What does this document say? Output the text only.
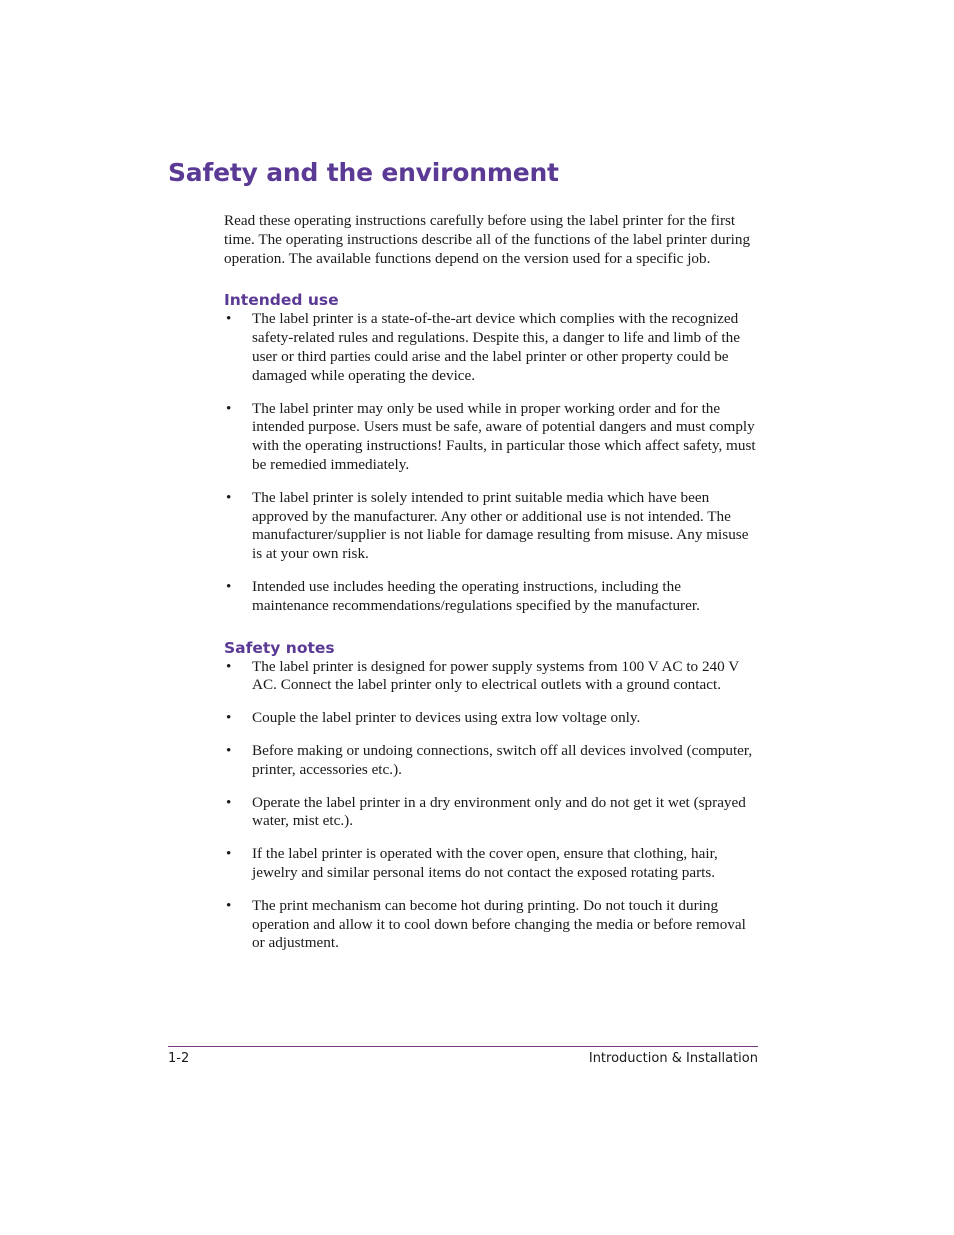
Safety and the environment

Read these operating instructions carefully before using the label printer for the first time. The operating instructions describe all of the functions of the label printer during operation. The available functions depend on the version used for a specific job.

Intended use
• The label printer is a state-of-the-art device which complies with the recognized safety-related rules and regulations. Despite this, a danger to life and limb of the user or third parties could arise and the label printer or other property could be damaged while operating the device.
• The label printer may only be used while in proper working order and for the intended purpose. Users must be safe, aware of potential dangers and must comply with the operating instructions! Faults, in particular those which affect safety, must be remedied immediately.
• The label printer is solely intended to print suitable media which have been approved by the manufacturer. Any other or additional use is not intended. The manufacturer/supplier is not liable for damage resulting from misuse. Any misuse is at your own risk.
• Intended use includes heeding the operating instructions, including the maintenance recommendations/regulations specified by the manufacturer.
Safety notes
• The label printer is designed for power supply systems from 100 V AC to 240 V AC. Connect the label printer only to electrical outlets with a ground contact.
• Couple the label printer to devices using extra low voltage only.
• Before making or undoing connections, switch off all devices involved (computer, printer, accessories etc.).
• Operate the label printer in a dry environment only and do not get it wet (sprayed water, mist etc.).
• If the label printer is operated with the cover open, ensure that clothing, hair, jewelry and similar personal items do not contact the exposed rotating parts.
• The print mechanism can become hot during printing. Do not touch it during operation and allow it to cool down before changing the media or before removal or adjustment.
1-2	Introduction & Installation
